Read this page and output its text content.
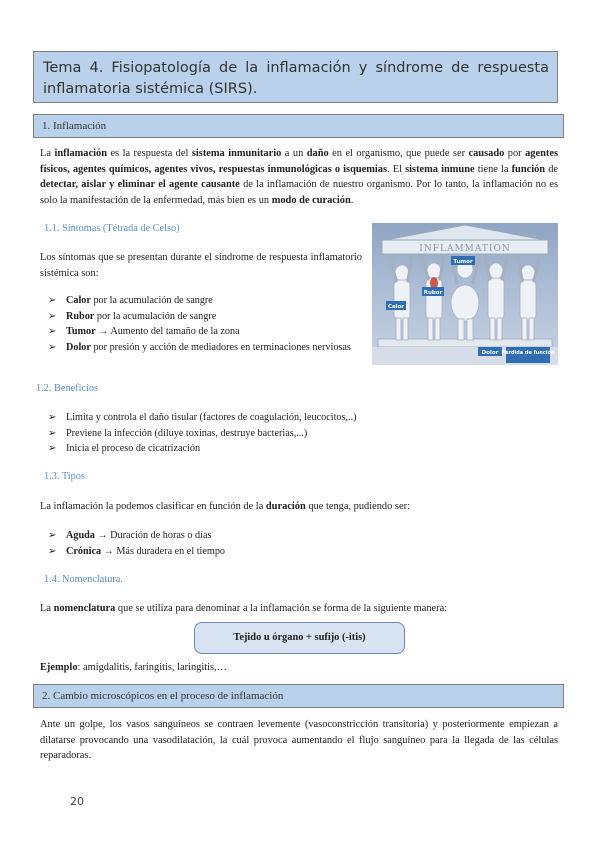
Tema 4. Fisiopatología de la inflamación y síndrome de respuesta inflamatoria sistémica (SIRS).
1. Inflamación
La inflamación es la respuesta del sistema inmunitario a un daño en el organismo, que puede ser causado por agentes físicos, agentes químicos, agentes vivos, respuestas inmunológicas o isquemias. El sistema inmune tiene la función de detectar, aislar y eliminar el agente causante de la inflamación de nuestro organismo. Por lo tanto, la inflamación no es solo la manifestación de la enfermedad, más bien es un modo de curación.
1.1. Síntomas (Tétrada de Celso)
Los síntomas que se presentan durante el síndrome de respuesta inflamatorio sistémica son:
➢ Calor por la acumulación de sangre
➢ Rubor por la acumulación de sangre
➢ Tumor → Aumento del tamaño de la zona
➢ Dolor por presión y acción de mediadores en terminaciones nerviosas
INFLAMMATION
Calor
Rubor
Tumor
Dolor Pérdida de función
1.2. Beneficios
➢ Limita y controla el daño tisular (factores de coagulación, leucocitos,..)
➢ Previene la infección (diluye toxinas, destruye bacterias,...)
➢ Inicia el proceso de cicatrización
1.3. Tipos
La inflamación la podemos clasificar en función de la duración que tenga, pudiendo ser:
➢ Aguda → Duración de horas o días
➢ Crónica → Más duradera en el tiempo
1.4. Nomenclatura.
La nomenclatura que se utiliza para denominar a la inflamación se forma de la siguiente manera:
Tejido u órgano + sufijo (-itis)
Ejemplo: amigdalitis, faringitis, laringitis,…
2. Cambio microscópicos en el proceso de inflamación
Ante un golpe, los vasos sanguíneos se contraen levemente (vasoconstricción transitoria) y posteriormente empiezan a dilatarse provocando una vasodilatación, la cuál provoca aumentando el flujo sanguíneo para la llegada de las células reparadoras.
20
